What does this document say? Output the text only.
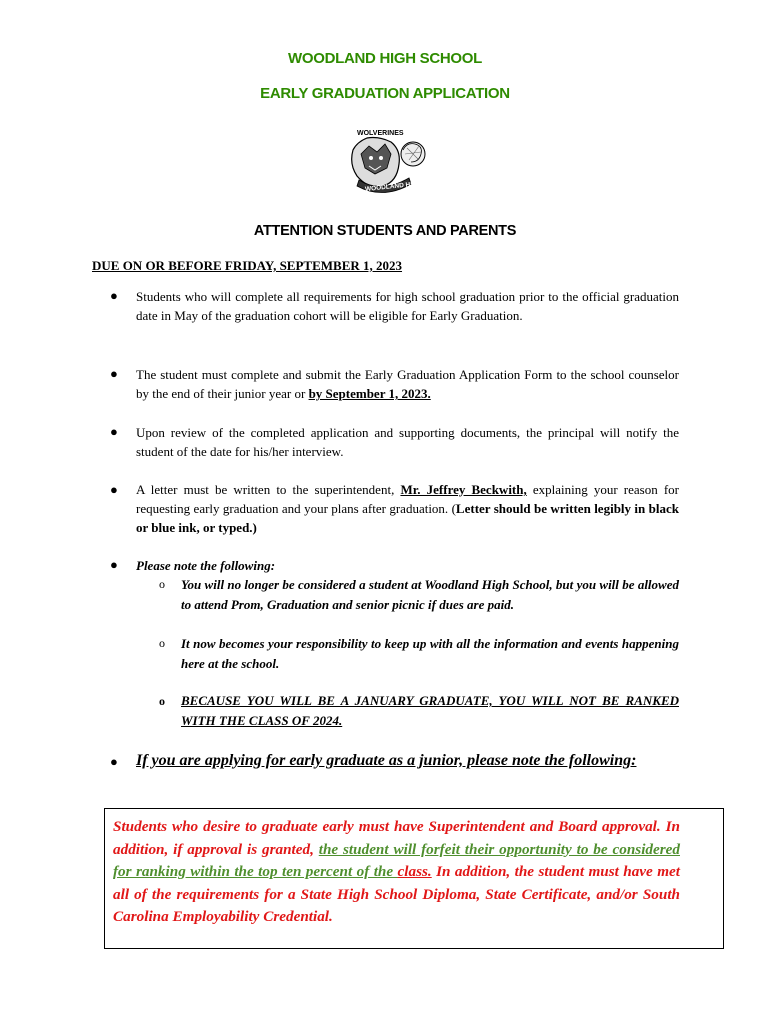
WOODLAND HIGH SCHOOL
EARLY GRADUATION APPLICATION
WOLVERINES
WOODLAND HS
ATTENTION STUDENTS AND PARENTS
DUE ON OR BEFORE FRIDAY, SEPTEMBER 1, 2023
● Students who will complete all requirements for high school graduation prior to the official graduation date in May of the graduation cohort will be eligible for Early Graduation.
● The student must complete and submit the Early Graduation Application Form to the school counselor by the end of their junior year or by September 1, 2023.
● Upon review of the completed application and supporting documents, the principal will notify the student of the date for his/her interview.
● A letter must be written to the superintendent, Mr. Jeffrey Beckwith, explaining your reason for requesting early graduation and your plans after graduation. (Letter should be written legibly in black or blue ink, or typed.)
● Please note the following:
o You will no longer be considered a student at Woodland High School, but you will be allowed to attend Prom, Graduation and senior picnic if dues are paid.
o It now becomes your responsibility to keep up with all the information and events happening here at the school.
o BECAUSE YOU WILL BE A JANUARY GRADUATE, YOU WILL NOT BE RANKED WITH THE CLASS OF 2024.
● If you are applying for early graduate as a junior, please note the following:
Students who desire to graduate early must have Superintendent and Board approval. In addition, if approval is granted, the student will forfeit their opportunity to be considered for ranking within the top ten percent of the class. In addition, the student must have met all of the requirements for a State High School Diploma, State Certificate, and/or South Carolina Employability Credential.
